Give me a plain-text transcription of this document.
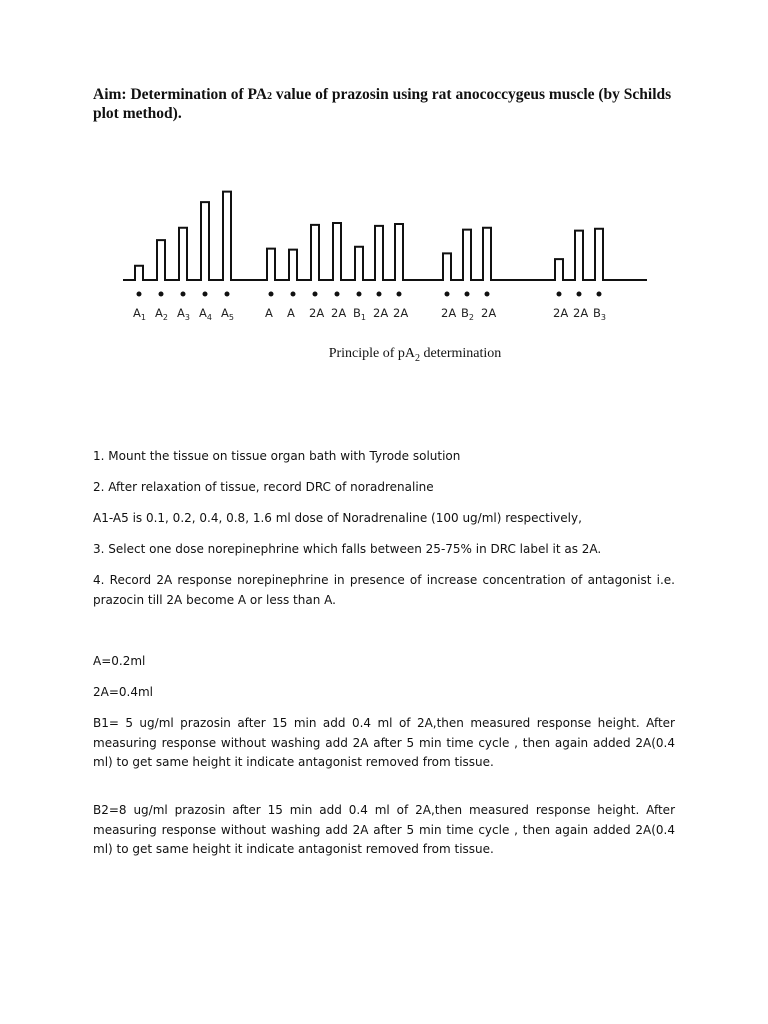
Aim: Determination of PA2 value of prazosin using rat anococcygeus muscle (by Schilds plot method).
$A_1$ $A_2$ $A_3$ $A_4$ $A_5$	A A 2A 2A $B_1$ 2A 2A	2A $B_2$ 2A	2A 2A $B_3$
Principle of $pA_2$ determination

1. Mount the tissue on tissue organ bath with Tyrode solution

2. After relaxation of tissue, record DRC of noradrenaline

A1-A5 is 0.1, 0.2, 0.4, 0.8, 1.6 ml dose of Noradrenaline (100 ug/ml) respectively,

3. Select one dose norepinephrine which falls between 25-75% in DRC label it as 2A.

4. Record 2A response norepinephrine in presence of increase concentration of antagonist i.e. prazocin till 2A become A or less than A.

A=0.2ml

2A=0.4ml

B1= 5 ug/ml prazosin after 15 min add 0.4 ml of 2A,then measured response height. After measuring response without washing add 2A after 5 min time cycle , then again added 2A(0.4 ml) to get same height it indicate antagonist removed from tissue.

B2=8 ug/ml prazosin after 15 min add 0.4 ml of 2A,then measured response height. After measuring response without washing add 2A after 5 min time cycle , then again added 2A(0.4 ml) to get same height it indicate antagonist removed from tissue.
